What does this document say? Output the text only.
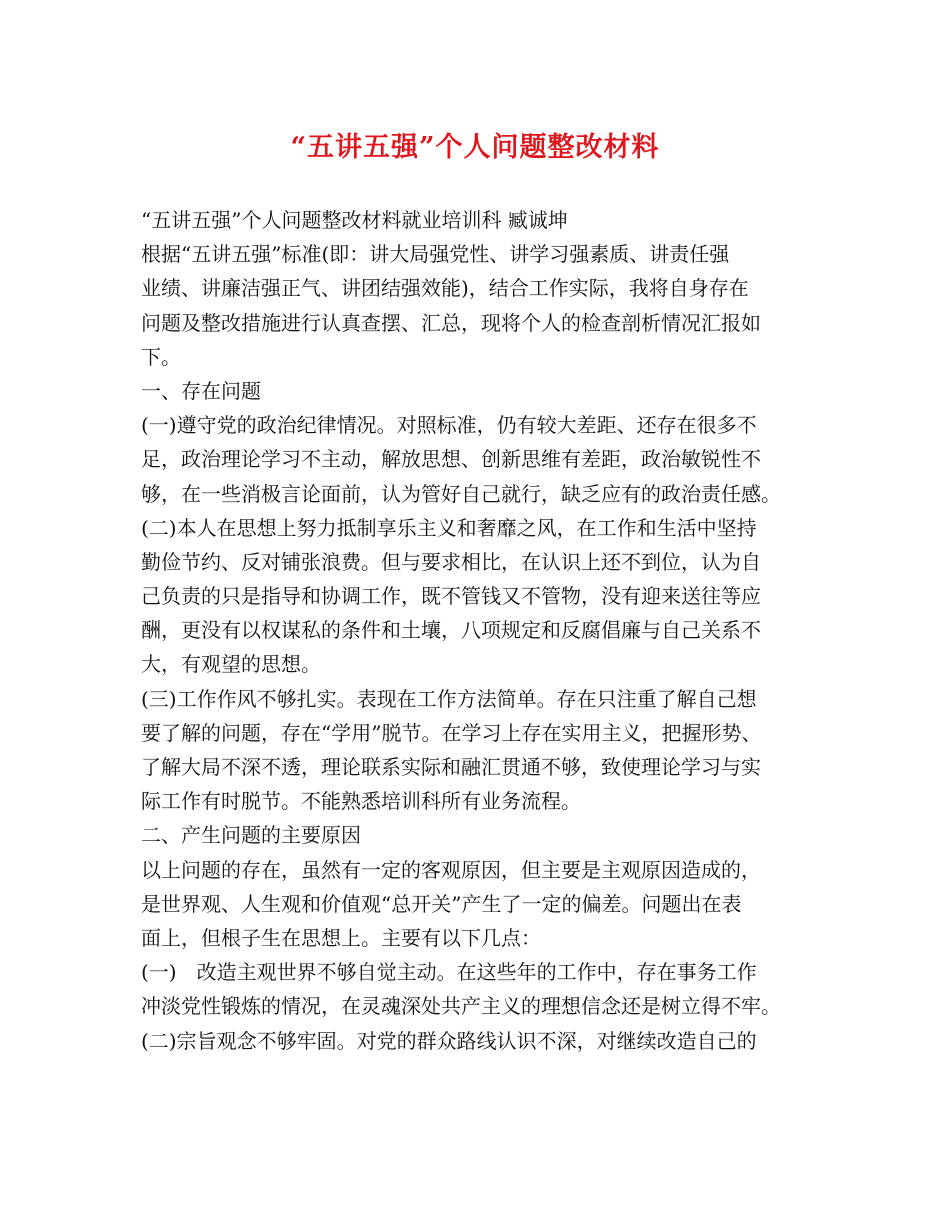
“五讲五强”个人问题整改材料
“五讲五强”个人问题整改材料就业培训科 臧诚坤
根据“五讲五强”标准(即：讲大局强党性、讲学习强素质、讲责任强
业绩、讲廉洁强正气、讲团结强效能)，结合工作实际，我将自身存在
问题及整改措施进行认真查摆、汇总，现将个人的检查剖析情况汇报如
下。
一、存在问题
(一)遵守党的政治纪律情况。对照标准，仍有较大差距、还存在很多不
足，政治理论学习不主动，解放思想、创新思维有差距，政治敏锐性不
够，在一些消极言论面前，认为管好自己就行，缺乏应有的政治责任感。
(二)本人在思想上努力抵制享乐主义和奢靡之风，在工作和生活中坚持
勤俭节约、反对铺张浪费。但与要求相比，在认识上还不到位，认为自
己负责的只是指导和协调工作，既不管钱又不管物，没有迎来送往等应
酬，更没有以权谋私的条件和土壤，八项规定和反腐倡廉与自己关系不
大，有观望的思想。
(三)工作作风不够扎实。表现在工作方法简单。存在只注重了解自己想
要了解的问题，存在“学用”脱节。在学习上存在实用主义，把握形势、
了解大局不深不透，理论联系实际和融汇贯通不够，致使理论学习与实
际工作有时脱节。不能熟悉培训科所有业务流程。
二、产生问题的主要原因
以上问题的存在，虽然有一定的客观原因，但主要是主观原因造成的，
是世界观、人生观和价值观“总开关”产生了一定的偏差。问题出在表
面上，但根子生在思想上。主要有以下几点：
(一)　改造主观世界不够自觉主动。在这些年的工作中，存在事务工作
冲淡党性锻炼的情况，在灵魂深处共产主义的理想信念还是树立得不牢。
(二)宗旨观念不够牢固。对党的群众路线认识不深，对继续改造自己的
